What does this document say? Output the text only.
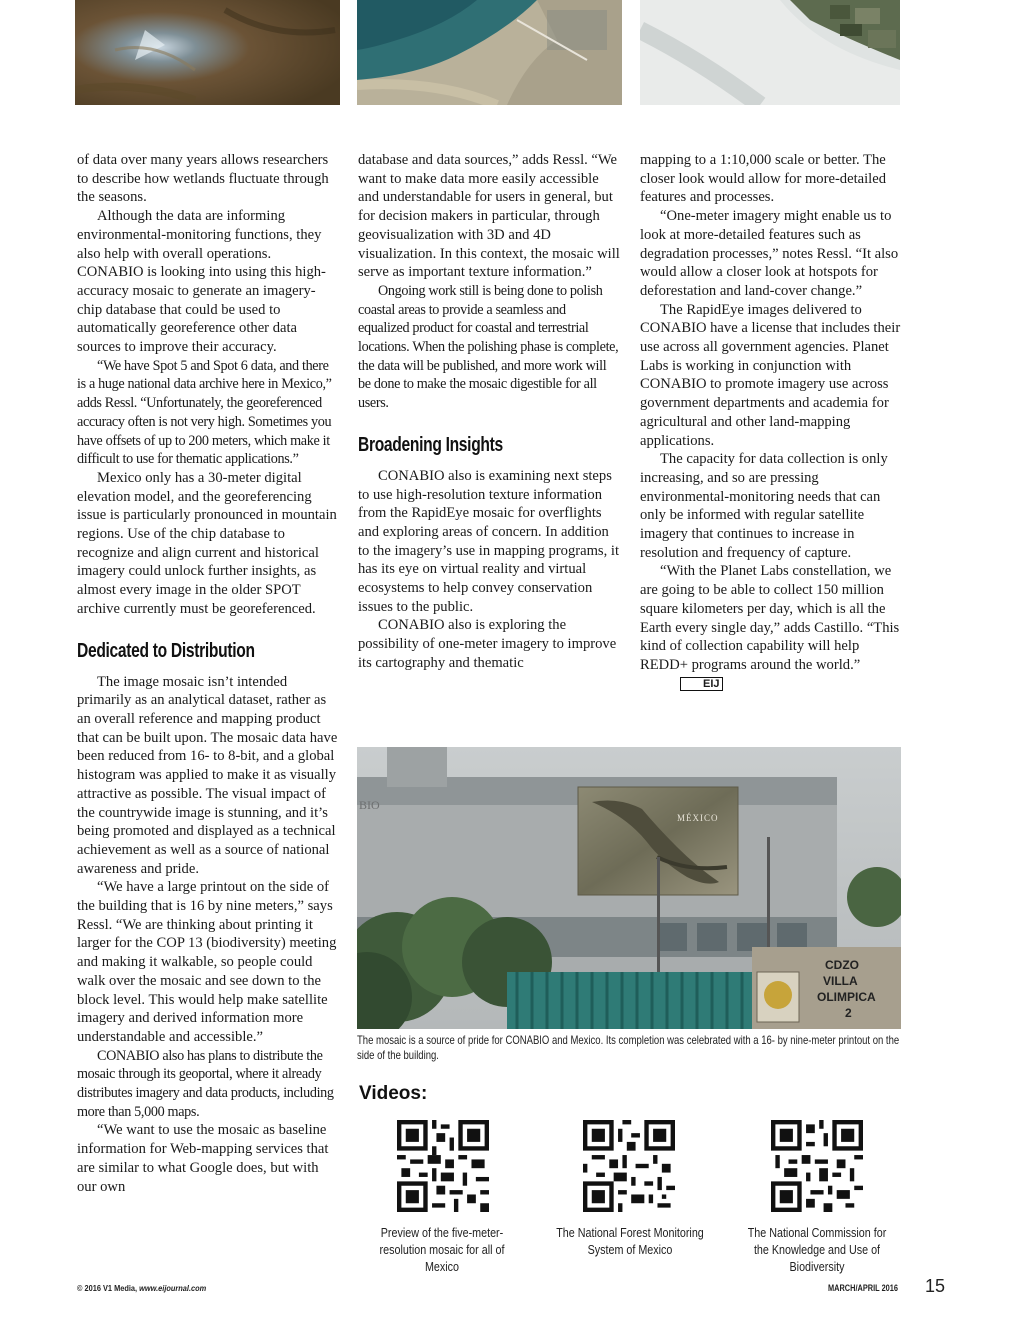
of data over many years allows researchers to describe how wetlands fluctuate through the seasons.

Although the data are informing environmental-monitoring functions, they also help with overall operations. CONABIO is looking into using this high-accuracy mosaic to generate an imagery-chip database that could be used to automatically georeference other data sources to improve their accuracy.

“We have Spot 5 and Spot 6 data, and there is a huge national data archive here in Mexico,” adds Ressl. “Unfortunately, the georeferenced accuracy often is not very high. Sometimes you have offsets of up to 200 meters, which make it difficult to use for thematic applications.”

Mexico only has a 30-meter digital elevation model, and the georeferencing issue is particularly pronounced in mountain regions. Use of the chip database to recognize and align current and historical imagery could unlock further insights, as almost every image in the older SPOT archive currently must be georeferenced.

Dedicated to Distribution

The image mosaic isn’t intended primarily as an analytical dataset, rather as an overall reference and mapping product that can be built upon. The mosaic data have been reduced from 16- to 8-bit, and a global histogram was applied to make it as visually attractive as possible. The visual impact of the countrywide image is stunning, and it’s being promoted and displayed as a technical achievement as well as a source of national awareness and pride.

“We have a large printout on the side of the building that is 16 by nine meters,” says Ressl. “We are thinking about printing it larger for the COP 13 (biodiversity) meeting and making it walkable, so people could walk over the mosaic and see down to the block level. This would help make satellite imagery and derived information more understandable and accessible.”

CONABIO also has plans to distribute the mosaic through its geoportal, where it already distributes imagery and data products, including more than 5,000 maps.

“We want to use the mosaic as baseline information for Web-mapping services that are similar to what Google does, but with our own

database and data sources,” adds Ressl. “We want to make data more easily accessible and understandable for users in general, but for decision makers in particular, through geovisualization with 3D and 4D visualization. In this context, the mosaic will serve as important texture information.”

Ongoing work still is being done to polish coastal areas to provide a seamless and equalized product for coastal and terrestrial locations. When the polishing phase is complete, the data will be published, and more work will be done to make the mosaic digestible for all users.

Broadening Insights

CONABIO also is examining next steps to use high-resolution texture information from the RapidEye mosaic for overflights and exploring areas of concern. In addition to the imagery’s use in mapping programs, it has its eye on virtual reality and virtual ecosystems to help convey conservation issues to the public.

CONABIO also is exploring the possibility of one-meter imagery to improve its cartography and thematic

mapping to a 1:10,000 scale or better. The closer look would allow for more-detailed features and processes.

“One-meter imagery might enable us to look at more-detailed features such as degradation processes,” notes Ressl. “It also would allow a closer look at hotspots for deforestation and land-cover change.”

The RapidEye images delivered to CONABIO have a license that includes their use across all government agencies. Planet Labs is working in conjunction with CONABIO to promote imagery use across government departments and academia for agricultural and other land-mapping applications.

The capacity for data collection is only increasing, and so are pressing environmental-monitoring needs that can only be informed with regular satellite imagery that continues to increase in resolution and frequency of capture.

“With the Planet Labs constellation, we are going to be able to collect 150 million square kilometers per day, which is all the Earth every single day,” adds Castillo. “This kind of collection capability will help REDD+ programs around the world.”EIJ

BIO
MÉXICO
CDZO
VILLA
OLIMPICA
2
The mosaic is a source of pride for CONABIO and Mexico. Its completion was celebrated with a 16- by nine-meter printout on the side of the building.
Videos:
Preview of the five-meter-resolution mosaic for all of Mexico
The National Forest Monitoring System of Mexico
The National Commission for the Knowledge and Use of Biodiversity
© 2016 V1 Media, www.eijournal.com	MARCH/APRIL 2016 15
